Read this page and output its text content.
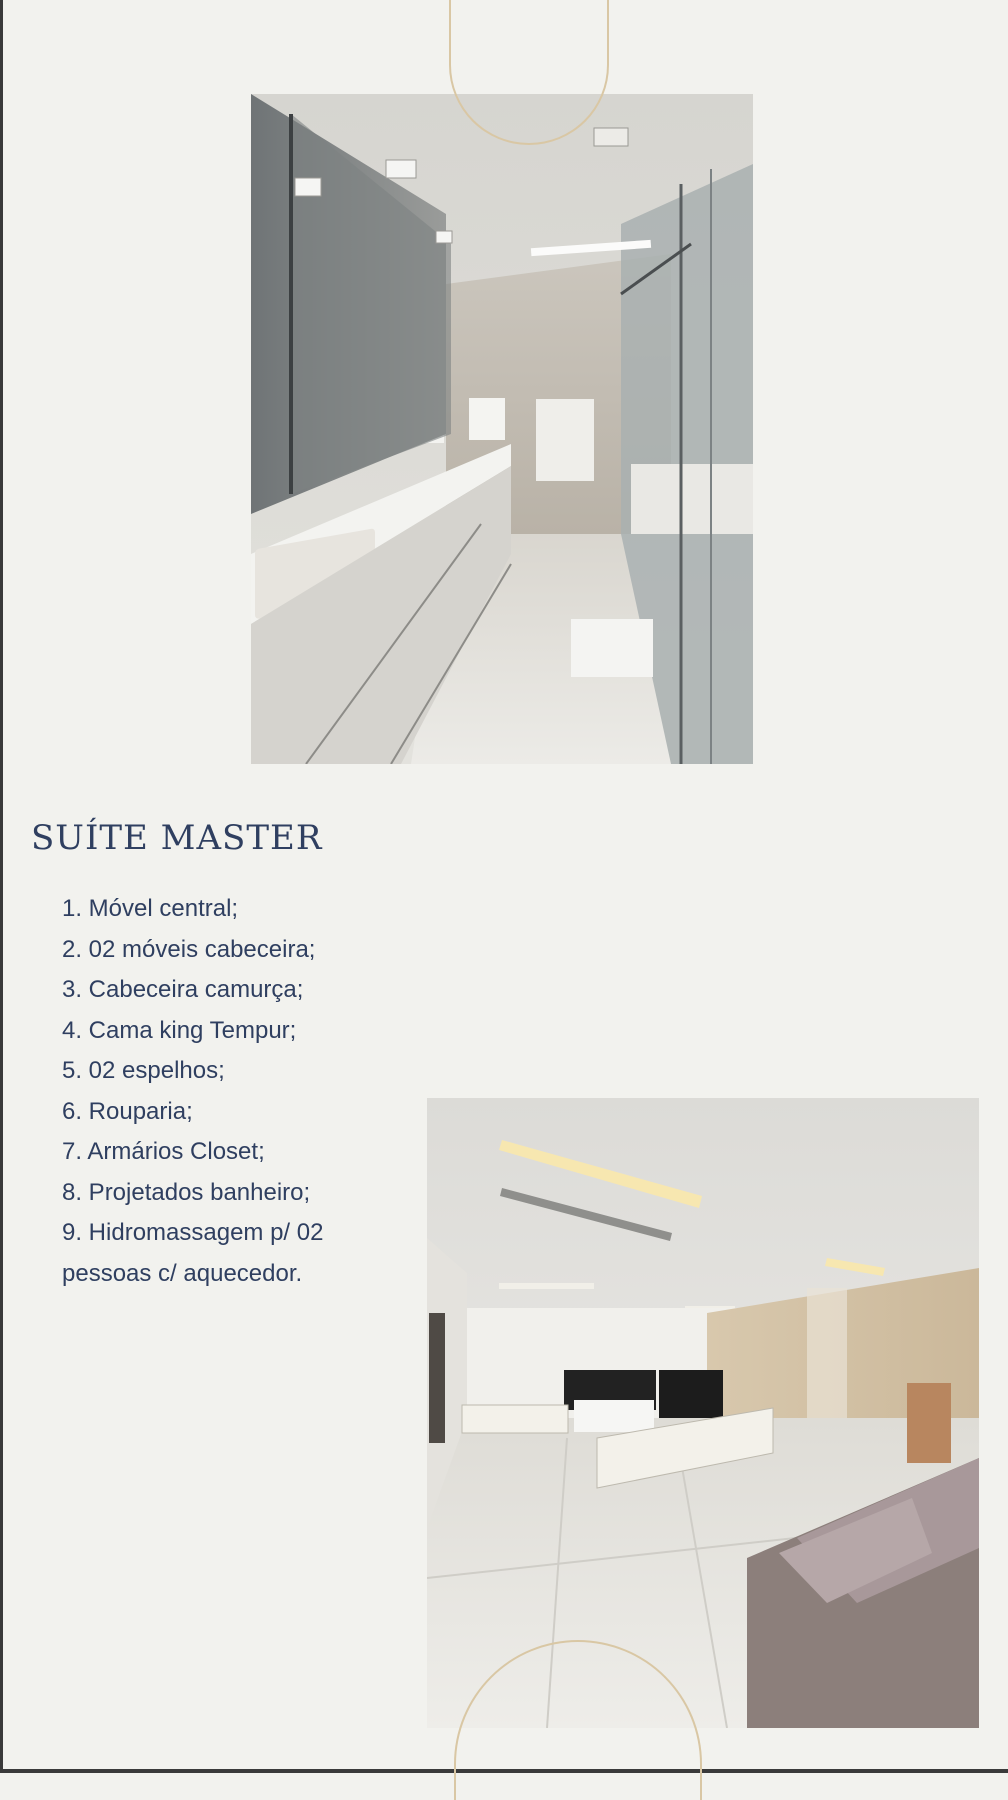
SUÍTE MASTER
1. Móvel central;
2. 02 móveis cabeceira;
3. Cabeceira camurça;
4. Cama king Tempur;
5. 02 espelhos;
6. Rouparia;
7. Armários Closet;
8. Projetados banheiro;
9. Hidromassagem p/ 02 pessoas c/ aquecedor.
